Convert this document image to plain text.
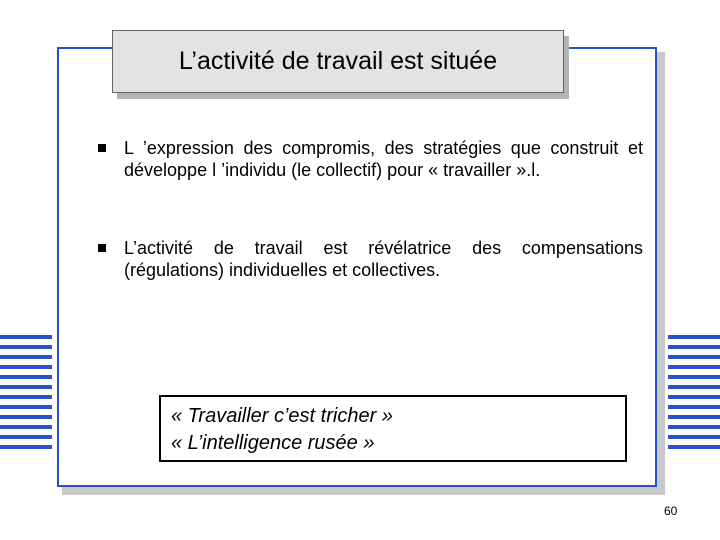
L’activité de travail est située
L ’expression des compromis, des stratégies que construit et développe l ’individu (le collectif) pour « travailler ».l.
L’activité de travail est révélatrice des compensations (régulations) individuelles et collectives.
« Travailler c’est tricher »
« L’intelligence rusée »
60
